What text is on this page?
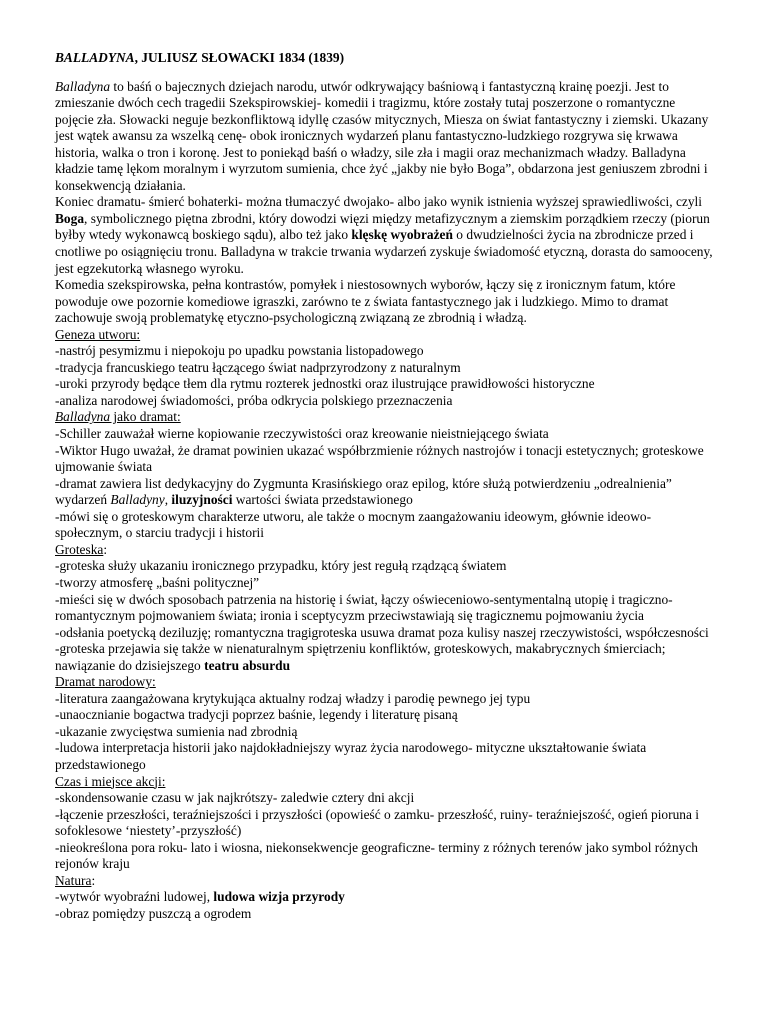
BALLADYNA, JULIUSZ SŁOWACKI 1834 (1839)

Balladyna to baśń o bajecznych dziejach narodu, utwór odkrywający baśniową i fantastyczną krainę poezji. Jest to zmieszanie dwóch cech tragedii Szekspirowskiej- komedii i tragizmu, które zostały tutaj poszerzone o romantyczne pojęcie zła. Słowacki neguje bezkonfliktową idyllę czasów mitycznych, Miesza on świat fantastyczny i ziemski. Ukazany jest wątek awansu za wszelką cenę- obok ironicznych wydarzeń planu fantastyczno-ludzkiego rozgrywa się krwawa historia, walka o tron i koronę. Jest to poniekąd baśń o władzy, sile zła i magii oraz mechanizmach władzy. Balladyna kładzie tamę lękom moralnym i wyrzutom sumienia, chce żyć „jakby nie było Boga”, obdarzona jest geniuszem zbrodni i konsekwencją działania.

Koniec dramatu- śmierć bohaterki- można tłumaczyć dwojako- albo jako wynik istnienia wyższej sprawiedliwości, czyli Boga, symbolicznego piętna zbrodni, który dowodzi więzi między metafizycznym a ziemskim porządkiem rzeczy (piorun byłby wtedy wykonawcą boskiego sądu), albo też jako klęskę wyobrażeń o dwudzielności życia na zbrodnicze przed i cnotliwe po osiągnięciu tronu. Balladyna w trakcie trwania wydarzeń zyskuje świadomość etyczną, dorasta do samooceny, jest egzekutorką własnego wyroku.

Komedia szekspirowska, pełna kontrastów, pomyłek i niestosownych wyborów, łączy się z ironicznym fatum, które powoduje owe pozornie komediowe igraszki, zarówno te z świata fantastycznego jak i ludzkiego. Mimo to dramat zachowuje swoją problematykę etyczno-psychologiczną związaną ze zbrodnią i władzą.

Geneza utworu:

-nastrój pesymizmu i niepokoju po upadku powstania listopadowego

-tradycja francuskiego teatru łączącego świat nadprzyrodzony z naturalnym

-uroki przyrody będące tłem dla rytmu rozterek jednostki oraz ilustrujące prawidłowości historyczne

-analiza narodowej świadomości, próba odkrycia polskiego przeznaczenia

Balladyna jako dramat:

-Schiller zauważał wierne kopiowanie rzeczywistości oraz kreowanie nieistniejącego świata

-Wiktor Hugo uważał, że dramat powinien ukazać współbrzmienie różnych nastrojów i tonacji estetycznych; groteskowe ujmowanie świata

-dramat zawiera list dedykacyjny do Zygmunta Krasińskiego oraz epilog, które służą potwierdzeniu „odrealnienia” wydarzeń Balladyny, iluzyjności wartości świata przedstawionego

-mówi się o groteskowym charakterze utworu, ale także o mocnym zaangażowaniu ideowym, głównie ideowo-społecznym, o starciu tradycji i historii

Groteska:

-groteska służy ukazaniu ironicznego przypadku, który jest regułą rządzącą światem

-tworzy atmosferę „baśni politycznej”

-mieści się w dwóch sposobach patrzenia na historię i świat, łączy oświeceniowo-sentymentalną utopię i tragiczno-romantycznym pojmowaniem świata; ironia i sceptycyzm przeciwstawiają się tragicznemu pojmowaniu życia

-odsłania poetycką deziluzję; romantyczna tragigroteska usuwa dramat poza kulisy naszej rzeczywistości, współczesności

-groteska przejawia się także w nienaturalnym spiętrzeniu konfliktów, groteskowych, makabrycznych śmierciach; nawiązanie do dzisiejszego teatru absurdu

Dramat narodowy:

-literatura zaangażowana krytykująca aktualny rodzaj władzy i parodię pewnego jej typu

-unaocznianie bogactwa tradycji poprzez baśnie, legendy i literaturę pisaną

-ukazanie zwycięstwa sumienia nad zbrodnią

-ludowa interpretacja historii jako najdokładniejszy wyraz życia narodowego- mityczne ukształtowanie świata przedstawionego

Czas i miejsce akcji:

-skondensowanie czasu w jak najkrótszy- zaledwie cztery dni akcji

-łączenie przeszłości, teraźniejszości i przyszłości (opowieść o zamku- przeszłość, ruiny- teraźniejszość, ogień pioruna i sofoklesowe ‘niestety’-przyszłość)

-nieokreślona pora roku- lato i wiosna, niekonsekwencje geograficzne- terminy z różnych terenów jako symbol różnych rejonów kraju

Natura:

-wytwór wyobraźni ludowej, ludowa wizja przyrody

-obraz pomiędzy puszczą a ogrodem
